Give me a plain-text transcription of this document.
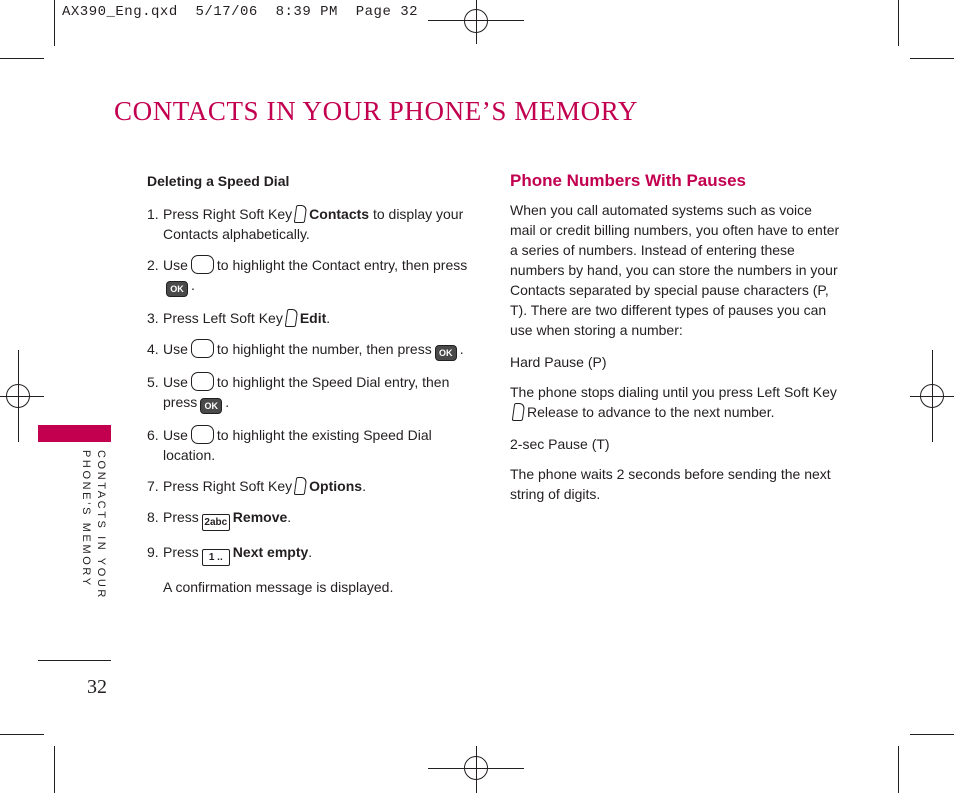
AX390_Eng.qxd  5/17/06  8:39 PM  Page 32
CONTACTS IN YOUR PHONE’S MEMORY
Deleting a Speed Dial
1. Press Right Soft Key Contacts to display your Contacts alphabetically.
2. Use to highlight the Contact entry, then pressOK .
3. Press Left Soft Key Edit.
4. Use to highlight the number, then press OK .
5. Use to highlight the Speed Dial entry, then press OK .
6. Use to highlight the existing Speed Dial location.
7. Press Right Soft Key Options.
8. Press 2abc Remove.
9. Press 1 .. Next empty.
A confirmation message is displayed.
Phone Numbers With Pauses
When you call automated systems such as voice mail or credit billing numbers, you often have to enter a series of numbers. Instead of entering these numbers by hand, you can store the numbers in your Contacts separated by special pause characters (P, T). There are two different types of pauses you can use when storing a number:
Hard Pause (P)
The phone stops dialing until you press Left Soft Key Release to advance to the next number.
2-sec Pause (T)
The phone waits 2 seconds before sending the next string of digits.
CONTACTS IN YOUR
PHONE’S MEMORY
32
